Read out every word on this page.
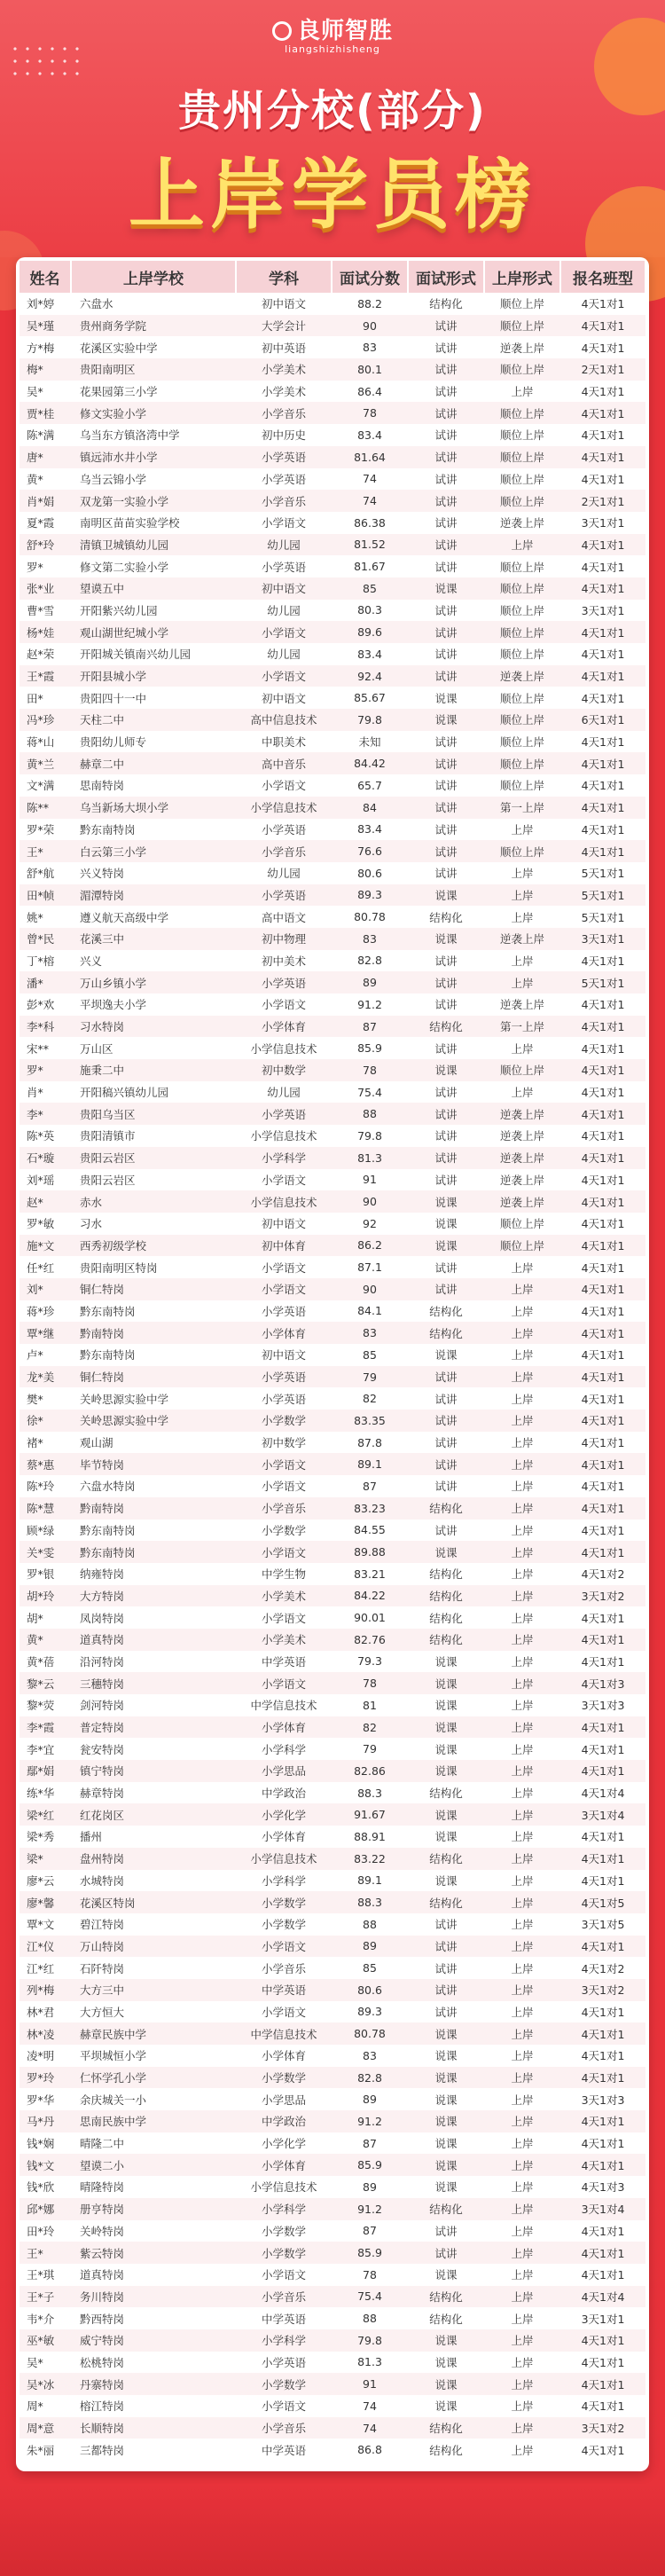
良师智胜
liangshizhisheng
贵州分校(部分)
上岸学员榜
姓名	上岸学校	学科	面试分数	面试形式	上岸形式	报名班型
刘*婷	六盘水	初中语文	88.2	结构化	顺位上岸	4天1对1
吴*瑾	贵州商务学院	大学会计	90	试讲	顺位上岸	4天1对1
方*梅	花溪区实验中学	初中英语	83	试讲	逆袭上岸	4天1对1
梅*	贵阳南明区	小学美术	80.1	试讲	顺位上岸	2天1对1
吴*	花果园第三小学	小学美术	86.4	试讲	上岸	4天1对1
贾*桂	修文实验小学	小学音乐	78	试讲	顺位上岸	4天1对1
陈*满	乌当东方镇洛湾中学	初中历史	83.4	试讲	顺位上岸	4天1对1
唐*	镇远沛水井小学	小学英语	81.64	试讲	顺位上岸	4天1对1
黄*	乌当云锦小学	小学英语	74	试讲	顺位上岸	4天1对1
肖*娟	双龙第一实验小学	小学音乐	74	试讲	顺位上岸	2天1对1
夏*霞	南明区苗苗实验学校	小学语文	86.38	试讲	逆袭上岸	3天1对1
舒*玲	清镇卫城镇幼儿园	幼儿园	81.52	试讲	上岸	4天1对1
罗*	修文第二实验小学	小学英语	81.67	试讲	顺位上岸	4天1对1
张*业	望谟五中	初中语文	85	说课	顺位上岸	4天1对1
曹*雪	开阳紫兴幼儿园	幼儿园	80.3	试讲	顺位上岸	3天1对1
杨*娃	观山湖世纪城小学	小学语文	89.6	试讲	顺位上岸	4天1对1
赵*荣	开阳城关镇南兴幼儿园	幼儿园	83.4	试讲	顺位上岸	4天1对1
王*霞	开阳县城小学	小学语文	92.4	试讲	逆袭上岸	4天1对1
田*	贵阳四十一中	初中语文	85.67	说课	顺位上岸	4天1对1
冯*珍	天柱二中	高中信息技术	79.8	说课	顺位上岸	6天1对1
蒋*山	贵阳幼儿师专	中职美术	未知	试讲	顺位上岸	4天1对1
黄*兰	赫章二中	高中音乐	84.42	试讲	顺位上岸	4天1对1
文*满	思南特岗	小学语文	65.7	试讲	顺位上岸	4天1对1
陈**	乌当新场大坝小学	小学信息技术	84	试讲	第一上岸	4天1对1
罗*荣	黔东南特岗	小学英语	83.4	试讲	上岸	4天1对1
王*	白云第三小学	小学音乐	76.6	试讲	顺位上岸	4天1对1
舒*航	兴义特岗	幼儿园	80.6	试讲	上岸	5天1对1
田*帧	湄潭特岗	小学英语	89.3	说课	上岸	5天1对1
姚*	遵义航天高级中学	高中语文	80.78	结构化	上岸	5天1对1
曾*民	花溪三中	初中物理	83	说课	逆袭上岸	3天1对1
丁*榕	兴义	初中美术	82.8	试讲	上岸	4天1对1
潘*	万山乡镇小学	小学英语	89	试讲	上岸	5天1对1
彭*欢	平坝逸夫小学	小学语文	91.2	试讲	逆袭上岸	4天1对1
李*科	习水特岗	小学体育	87	结构化	第一上岸	4天1对1
宋**	万山区	小学信息技术	85.9	试讲	上岸	4天1对1
罗*	施秉二中	初中数学	78	说课	顺位上岸	4天1对1
肖*	开阳稿兴镇幼儿园	幼儿园	75.4	试讲	上岸	4天1对1
李*	贵阳乌当区	小学英语	88	试讲	逆袭上岸	4天1对1
陈*英	贵阳清镇市	小学信息技术	79.8	试讲	逆袭上岸	4天1对1
石*璇	贵阳云岩区	小学科学	81.3	试讲	逆袭上岸	4天1对1
刘*瑶	贵阳云岩区	小学语文	91	试讲	逆袭上岸	4天1对1
赵*	赤水	小学信息技术	90	说课	逆袭上岸	4天1对1
罗*敏	习水	初中语文	92	说课	顺位上岸	4天1对1
施*文	西秀初级学校	初中体育	86.2	说课	顺位上岸	4天1对1
任*红	贵阳南明区特岗	小学语文	87.1	试讲	上岸	4天1对1
刘*	铜仁特岗	小学语文	90	试讲	上岸	4天1对1
蒋*珍	黔东南特岗	小学英语	84.1	结构化	上岸	4天1对1
覃*继	黔南特岗	小学体育	83	结构化	上岸	4天1对1
卢*	黔东南特岗	初中语文	85	说课	上岸	4天1对1
龙*美	铜仁特岗	小学英语	79	试讲	上岸	4天1对1
樊*	关岭思源实验中学	小学英语	82	试讲	上岸	4天1对1
徐*	关岭思源实验中学	小学数学	83.35	试讲	上岸	4天1对1
褚*	观山湖	初中数学	87.8	试讲	上岸	4天1对1
蔡*惠	毕节特岗	小学语文	89.1	试讲	上岸	4天1对1
陈*玲	六盘水特岗	小学语文	87	试讲	上岸	4天1对1
陈*慧	黔南特岗	小学音乐	83.23	结构化	上岸	4天1对1
顾*绿	黔东南特岗	小学数学	84.55	试讲	上岸	4天1对1
关*雯	黔东南特岗	小学语文	89.88	说课	上岸	4天1对1
罗*银	纳雍特岗	中学生物	83.21	结构化	上岸	4天1对2
胡*玲	大方特岗	小学美术	84.22	结构化	上岸	3天1对2
胡*	凤岗特岗	小学语文	90.01	结构化	上岸	4天1对1
黄*	道真特岗	小学美术	82.76	结构化	上岸	4天1对1
黄*蓓	沿河特岗	中学英语	79.3	说课	上岸	4天1对1
黎*云	三穗特岗	小学语文	78	说课	上岸	4天1对3
黎*荧	剑河特岗	中学信息技术	81	说课	上岸	3天1对3
李*霞	普定特岗	小学体育	82	说课	上岸	4天1对1
李*宜	瓮安特岗	小学科学	79	说课	上岸	4天1对1
鄢*娟	镇宁特岗	小学思品	82.86	说课	上岸	4天1对1
练*华	赫章特岗	中学政治	88.3	结构化	上岸	4天1对4
梁*红	红花岗区	小学化学	91.67	说课	上岸	3天1对4
梁*秀	播州	小学体育	88.91	说课	上岸	4天1对1
梁*	盘州特岗	小学信息技术	83.22	结构化	上岸	4天1对1
廖*云	水城特岗	小学科学	89.1	说课	上岸	4天1对1
廖*馨	花溪区特岗	小学数学	88.3	结构化	上岸	4天1对5
覃*文	碧江特岗	小学数学	88	试讲	上岸	3天1对5
江*仪	万山特岗	小学语文	89	试讲	上岸	4天1对1
江*红	石阡特岗	小学音乐	85	试讲	上岸	4天1对2
列*梅	大方三中	中学英语	80.6	试讲	上岸	3天1对2
林*君	大方恒大	小学语文	89.3	试讲	上岸	4天1对1
林*凌	赫章民族中学	中学信息技术	80.78	说课	上岸	4天1对1
凌*明	平坝城恒小学	小学体育	83	说课	上岸	4天1对1
罗*玲	仁怀学孔小学	小学数学	82.8	说课	上岸	4天1对1
罗*华	余庆城关一小	小学思品	89	说课	上岸	3天1对3
马*丹	思南民族中学	中学政治	91.2	说课	上岸	4天1对1
钱*娴	晴隆二中	小学化学	87	说课	上岸	4天1对1
钱*文	望谟二小	小学体育	85.9	说课	上岸	4天1对1
钱*欣	晴隆特岗	小学信息技术	89	说课	上岸	4天1对3
邱*娜	册亨特岗	小学科学	91.2	结构化	上岸	3天1对4
田*玲	关岭特岗	小学数学	87	试讲	上岸	4天1对1
王*	紫云特岗	小学数学	85.9	试讲	上岸	4天1对1
王*琪	道真特岗	小学语文	78	说课	上岸	4天1对1
王*子	务川特岗	小学音乐	75.4	结构化	上岸	4天1对4
韦*介	黔西特岗	中学英语	88	结构化	上岸	3天1对1
巫*敏	威宁特岗	小学科学	79.8	说课	上岸	4天1对1
吴*	松桃特岗	小学英语	81.3	说课	上岸	4天1对1
吴*冰	丹寨特岗	小学数学	91	说课	上岸	4天1对1
周*	榕江特岗	小学语文	74	说课	上岸	4天1对1
周*意	长顺特岗	小学音乐	74	结构化	上岸	3天1对2
朱*丽	三都特岗	中学英语	86.8	结构化	上岸	4天1对1
